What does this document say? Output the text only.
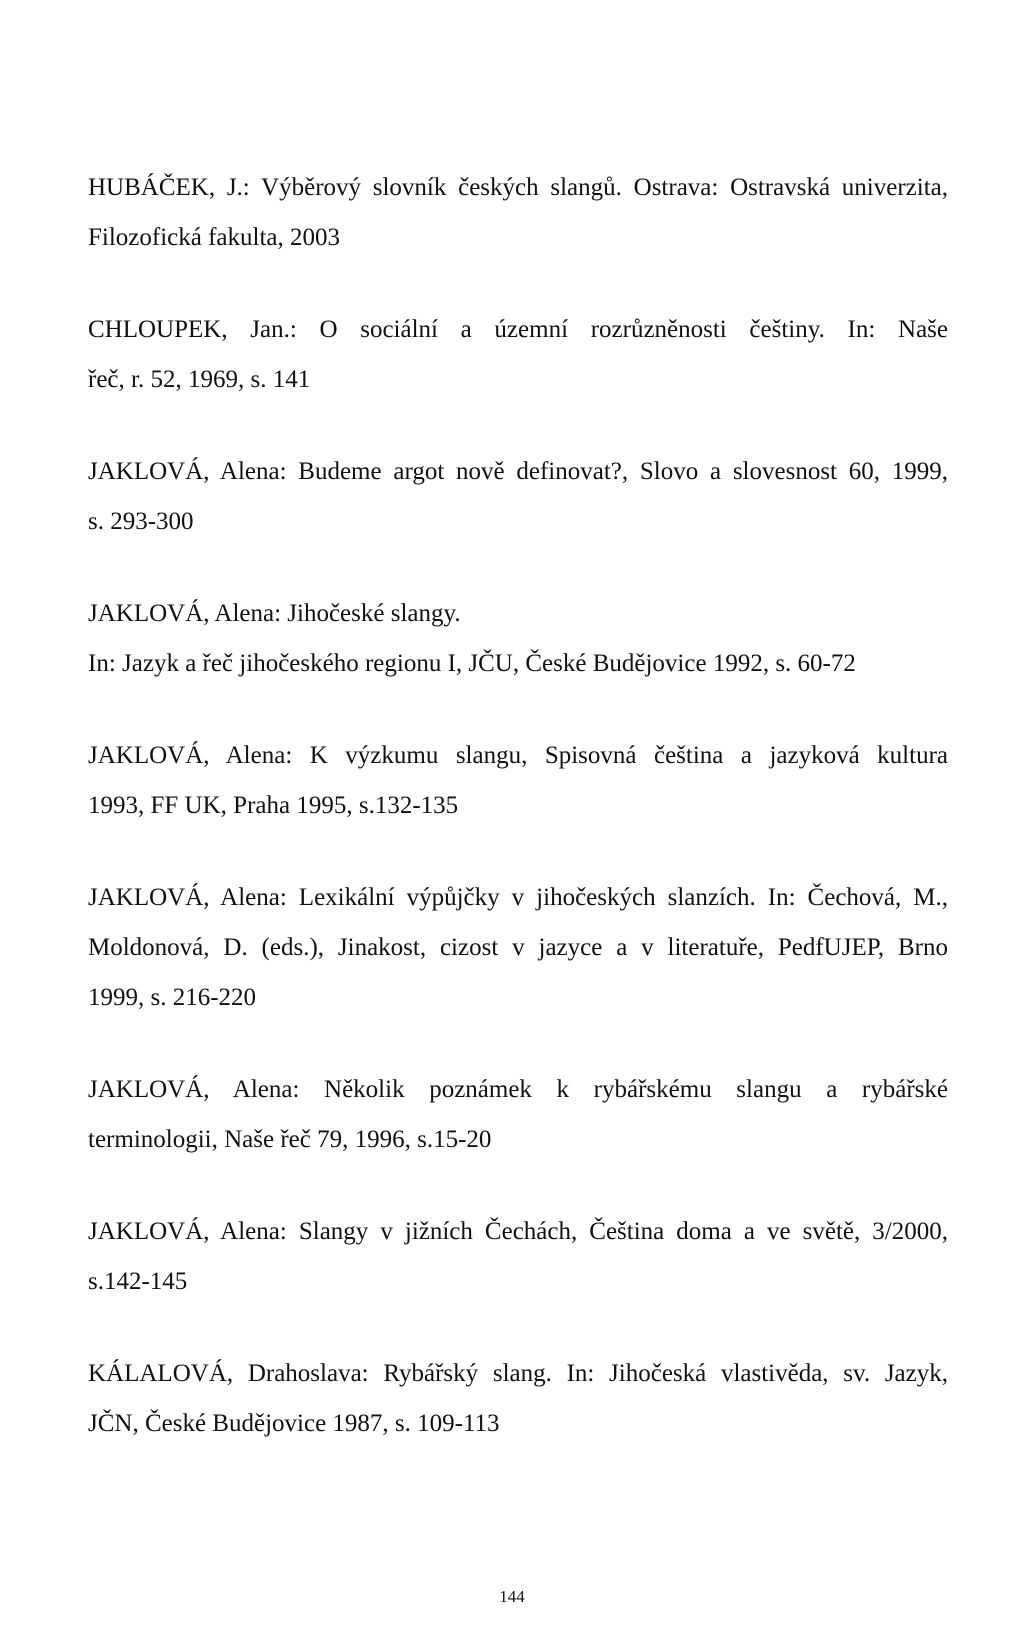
HUBÁČEK, J.: Výběrový slovník českých slangů. Ostrava: Ostravská univerzita,
Filozofická fakulta, 2003
CHLOUPEK, Jan.: O sociální a územní rozrůzněnosti češtiny. In: Naše
řeč, r. 52, 1969, s. 141
JAKLOVÁ, Alena: Budeme argot nově definovat?, Slovo a slovesnost 60, 1999,
s. 293-300
JAKLOVÁ, Alena: Jihočeské slangy.
In: Jazyk a řeč jihočeského regionu I, JČU, České Budějovice 1992, s. 60-72
JAKLOVÁ, Alena: K výzkumu slangu, Spisovná čeština a jazyková kultura
1993, FF UK, Praha 1995, s.132-135
JAKLOVÁ, Alena: Lexikální výpůjčky v jihočeských slanzích. In: Čechová, M.,
Moldonová, D. (eds.), Jinakost, cizost v jazyce a v literatuře, PedfUJEP, Brno
1999, s. 216-220
JAKLOVÁ, Alena: Několik poznámek k rybářskému slangu a rybářské
terminologii, Naše řeč 79, 1996, s.15-20
JAKLOVÁ, Alena: Slangy v jižních Čechách, Čeština doma a ve světě, 3/2000,
s.142-145
KÁLALOVÁ, Drahoslava: Rybářský slang. In: Jihočeská vlastivěda, sv. Jazyk,
JČN, České Budějovice 1987, s. 109-113
144
